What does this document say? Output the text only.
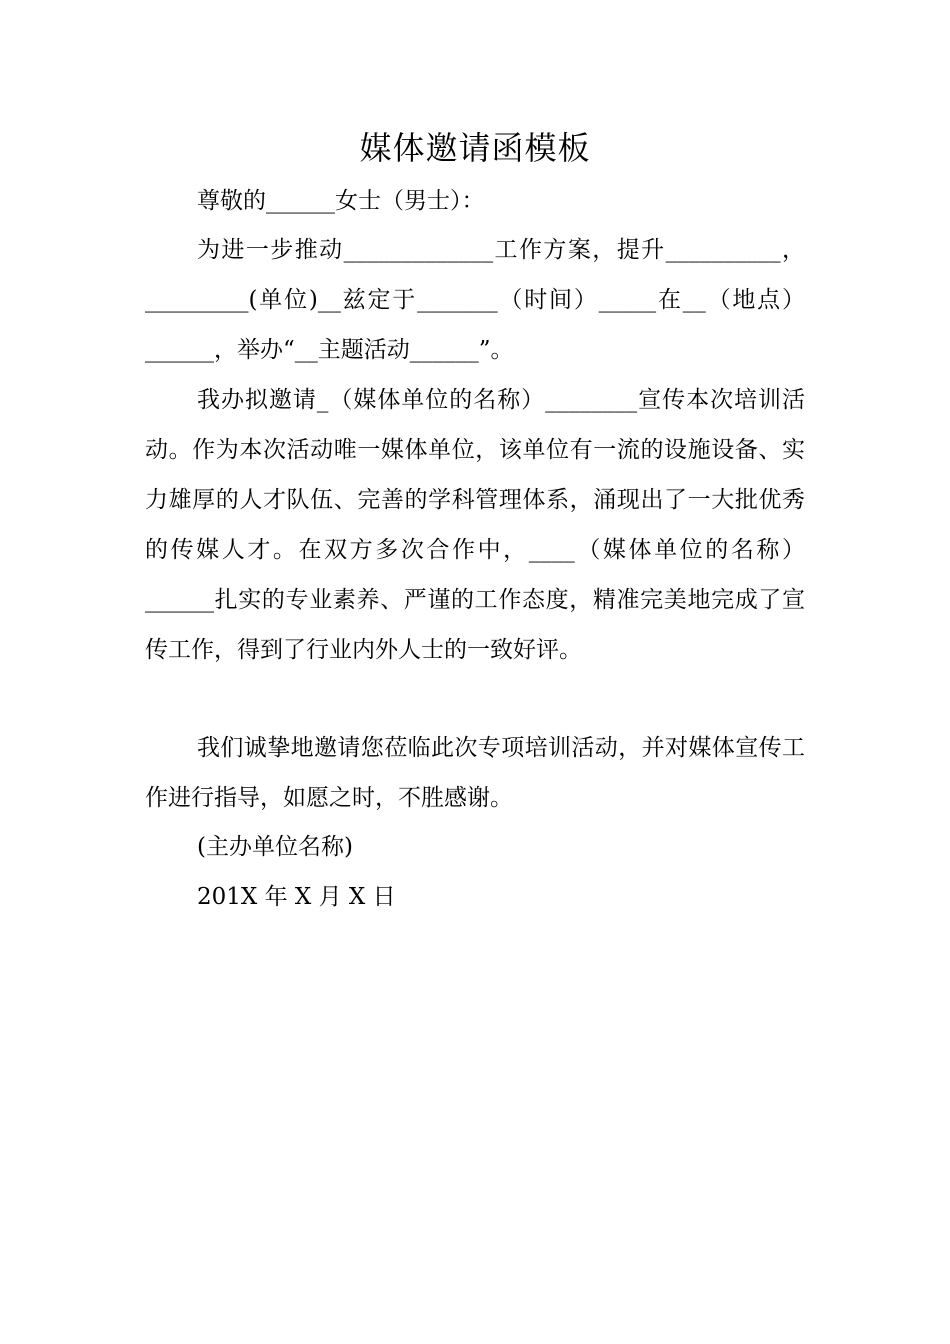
媒体邀请函模板

尊敬的______女士（男士）：

为进一步推动_____________工作方案，提升__________，_________(单位)__兹定于_______（时间）_____在__（地点）______，举办“__主题活动______”。

我办拟邀请_（媒体单位的名称）________宣传本次培训活动。作为本次活动唯一媒体单位，该单位有一流的设施设备、实力雄厚的人才队伍、完善的学科管理体系，涌现出了一大批优秀的传媒人才。在双方多次合作中，____（媒体单位的名称）______扎实的专业素养、严谨的工作态度，精准完美地完成了宣传工作，得到了行业内外人士的一致好评。

我们诚挚地邀请您莅临此次专项培训活动，并对媒体宣传工作进行指导，如愿之时，不胜感谢。

(主办单位名称)

201X 年 X 月 X 日
